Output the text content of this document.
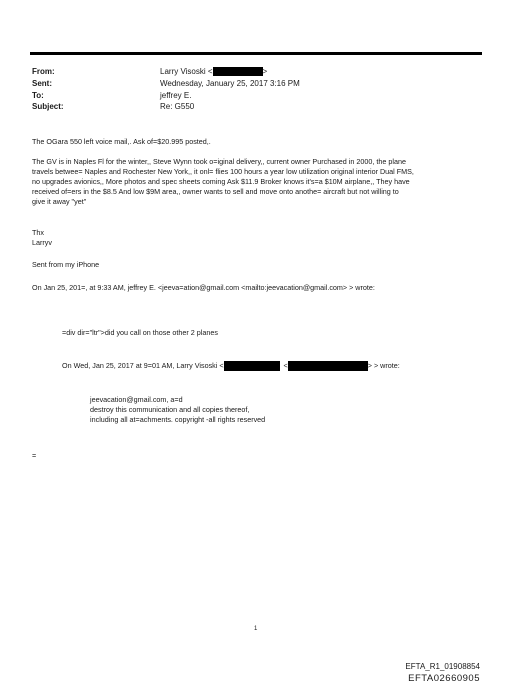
From:	Larry Visoski <	>
Sent:	Wednesday, January 25, 2017 3:16 PM
To:	jeffrey E.
Subject:	Re: G550
The OGara 550 left voice mail,. Ask of=$20.995 posted,.
The GV is in Naples Fl for the winter,, Steve Wynn took o=iginal delivery,, current owner Purchased in 2000, the plane
travels betwee= Naples and Rochester New York,, it onl= flies 100 hours a year low utilization original interior Dual FMS,
no upgrades avionics,, More photos and spec sheets coming Ask $11.9 Broker knows it's=a $10M airplane,, They have
received of=ers in the $8.5 And low $9M area,, owner wants to sell and move onto anothe= aircraft but not willing to
give it away "yet"
Thx
Larryv
Sent from my iPhone
On Jan 25, 201=, at 9:33 AM, jeffrey E. <jeeva=ation@gmail.com <mailto:jeevacation@gmail.com> > wrote:
=div dir="ltr">did you call on those other 2 planes
On Wed, Jan 25, 2017 at 9=01 AM, Larry Visoski <	<	> > wrote:
jeevacation@gmail.com, a=d
destroy this communication and all copies thereof,
including all at=achments. copyright -all rights reserved
=
1
EFTA_R1_01908854
EFTA02660905
